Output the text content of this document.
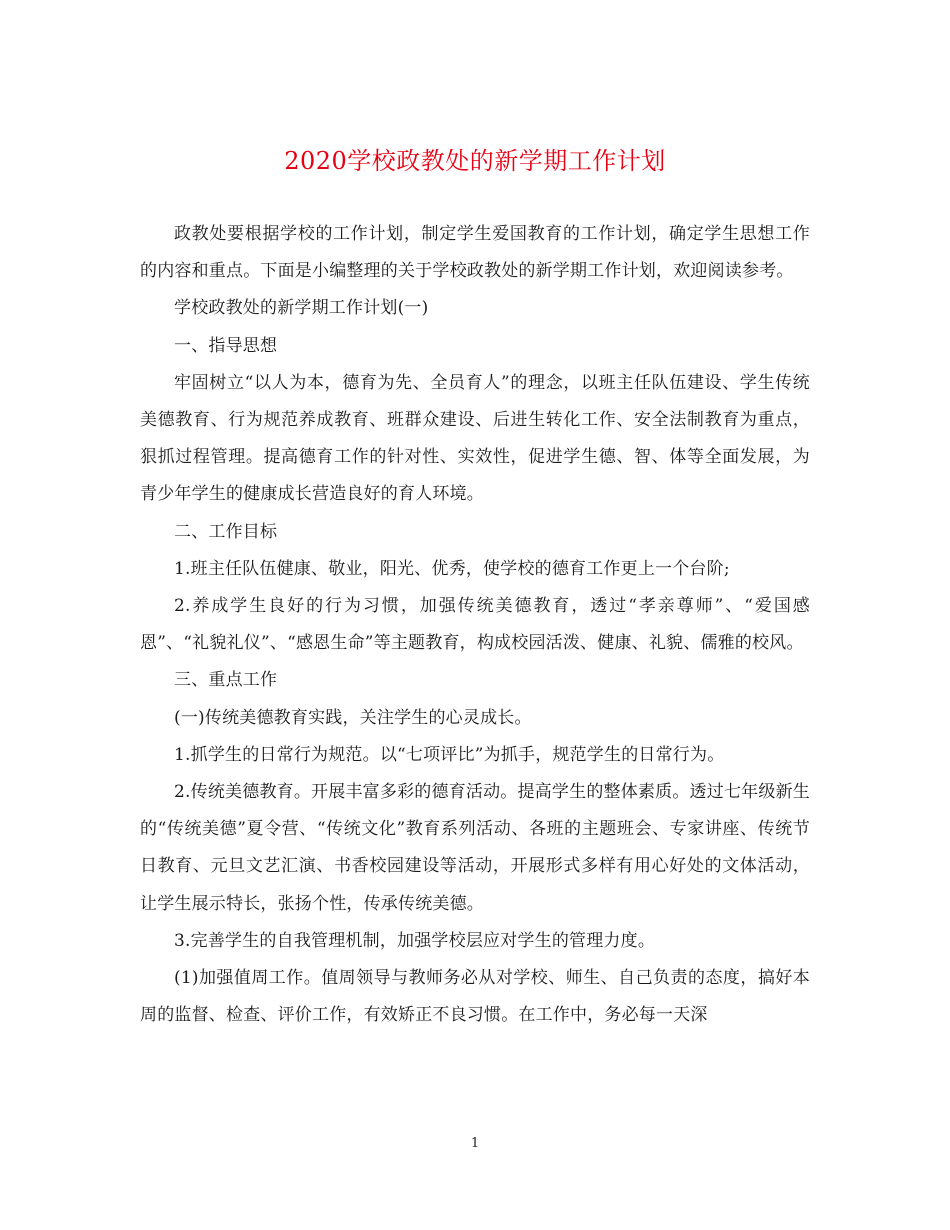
2020学校政教处的新学期工作计划

政教处要根据学校的工作计划，制定学生爱国教育的工作计划，确定学生思想工作的内容和重点。下面是小编整理的关于学校政教处的新学期工作计划，欢迎阅读参考。

学校政教处的新学期工作计划(一)

一、指导思想

牢固树立“以人为本，德育为先、全员育人”的理念，以班主任队伍建设、学生传统美德教育、行为规范养成教育、班群众建设、后进生转化工作、安全法制教育为重点，狠抓过程管理。提高德育工作的针对性、实效性，促进学生德、智、体等全面发展，为青少年学生的健康成长营造良好的育人环境。

二、工作目标

1.班主任队伍健康、敬业，阳光、优秀，使学校的德育工作更上一个台阶;

2.养成学生良好的行为习惯，加强传统美德教育，透过“孝亲尊师”、“爱国感恩”、“礼貌礼仪”、“感恩生命”等主题教育，构成校园活泼、健康、礼貌、儒雅的校风。

三、重点工作

(一)传统美德教育实践，关注学生的心灵成长。

1.抓学生的日常行为规范。以“七项评比”为抓手，规范学生的日常行为。

2.传统美德教育。开展丰富多彩的德育活动。提高学生的整体素质。透过七年级新生的“传统美德”夏令营、“传统文化”教育系列活动、各班的主题班会、专家讲座、传统节日教育、元旦文艺汇演、书香校园建设等活动，开展形式多样有用心好处的文体活动，让学生展示特长，张扬个性，传承传统美德。

3.完善学生的自我管理机制，加强学校层应对学生的管理力度。

(1)加强值周工作。值周领导与教师务必从对学校、师生、自己负责的态度，搞好本周的监督、检查、评价工作，有效矫正不良习惯。在工作中，务必每一天深

1
